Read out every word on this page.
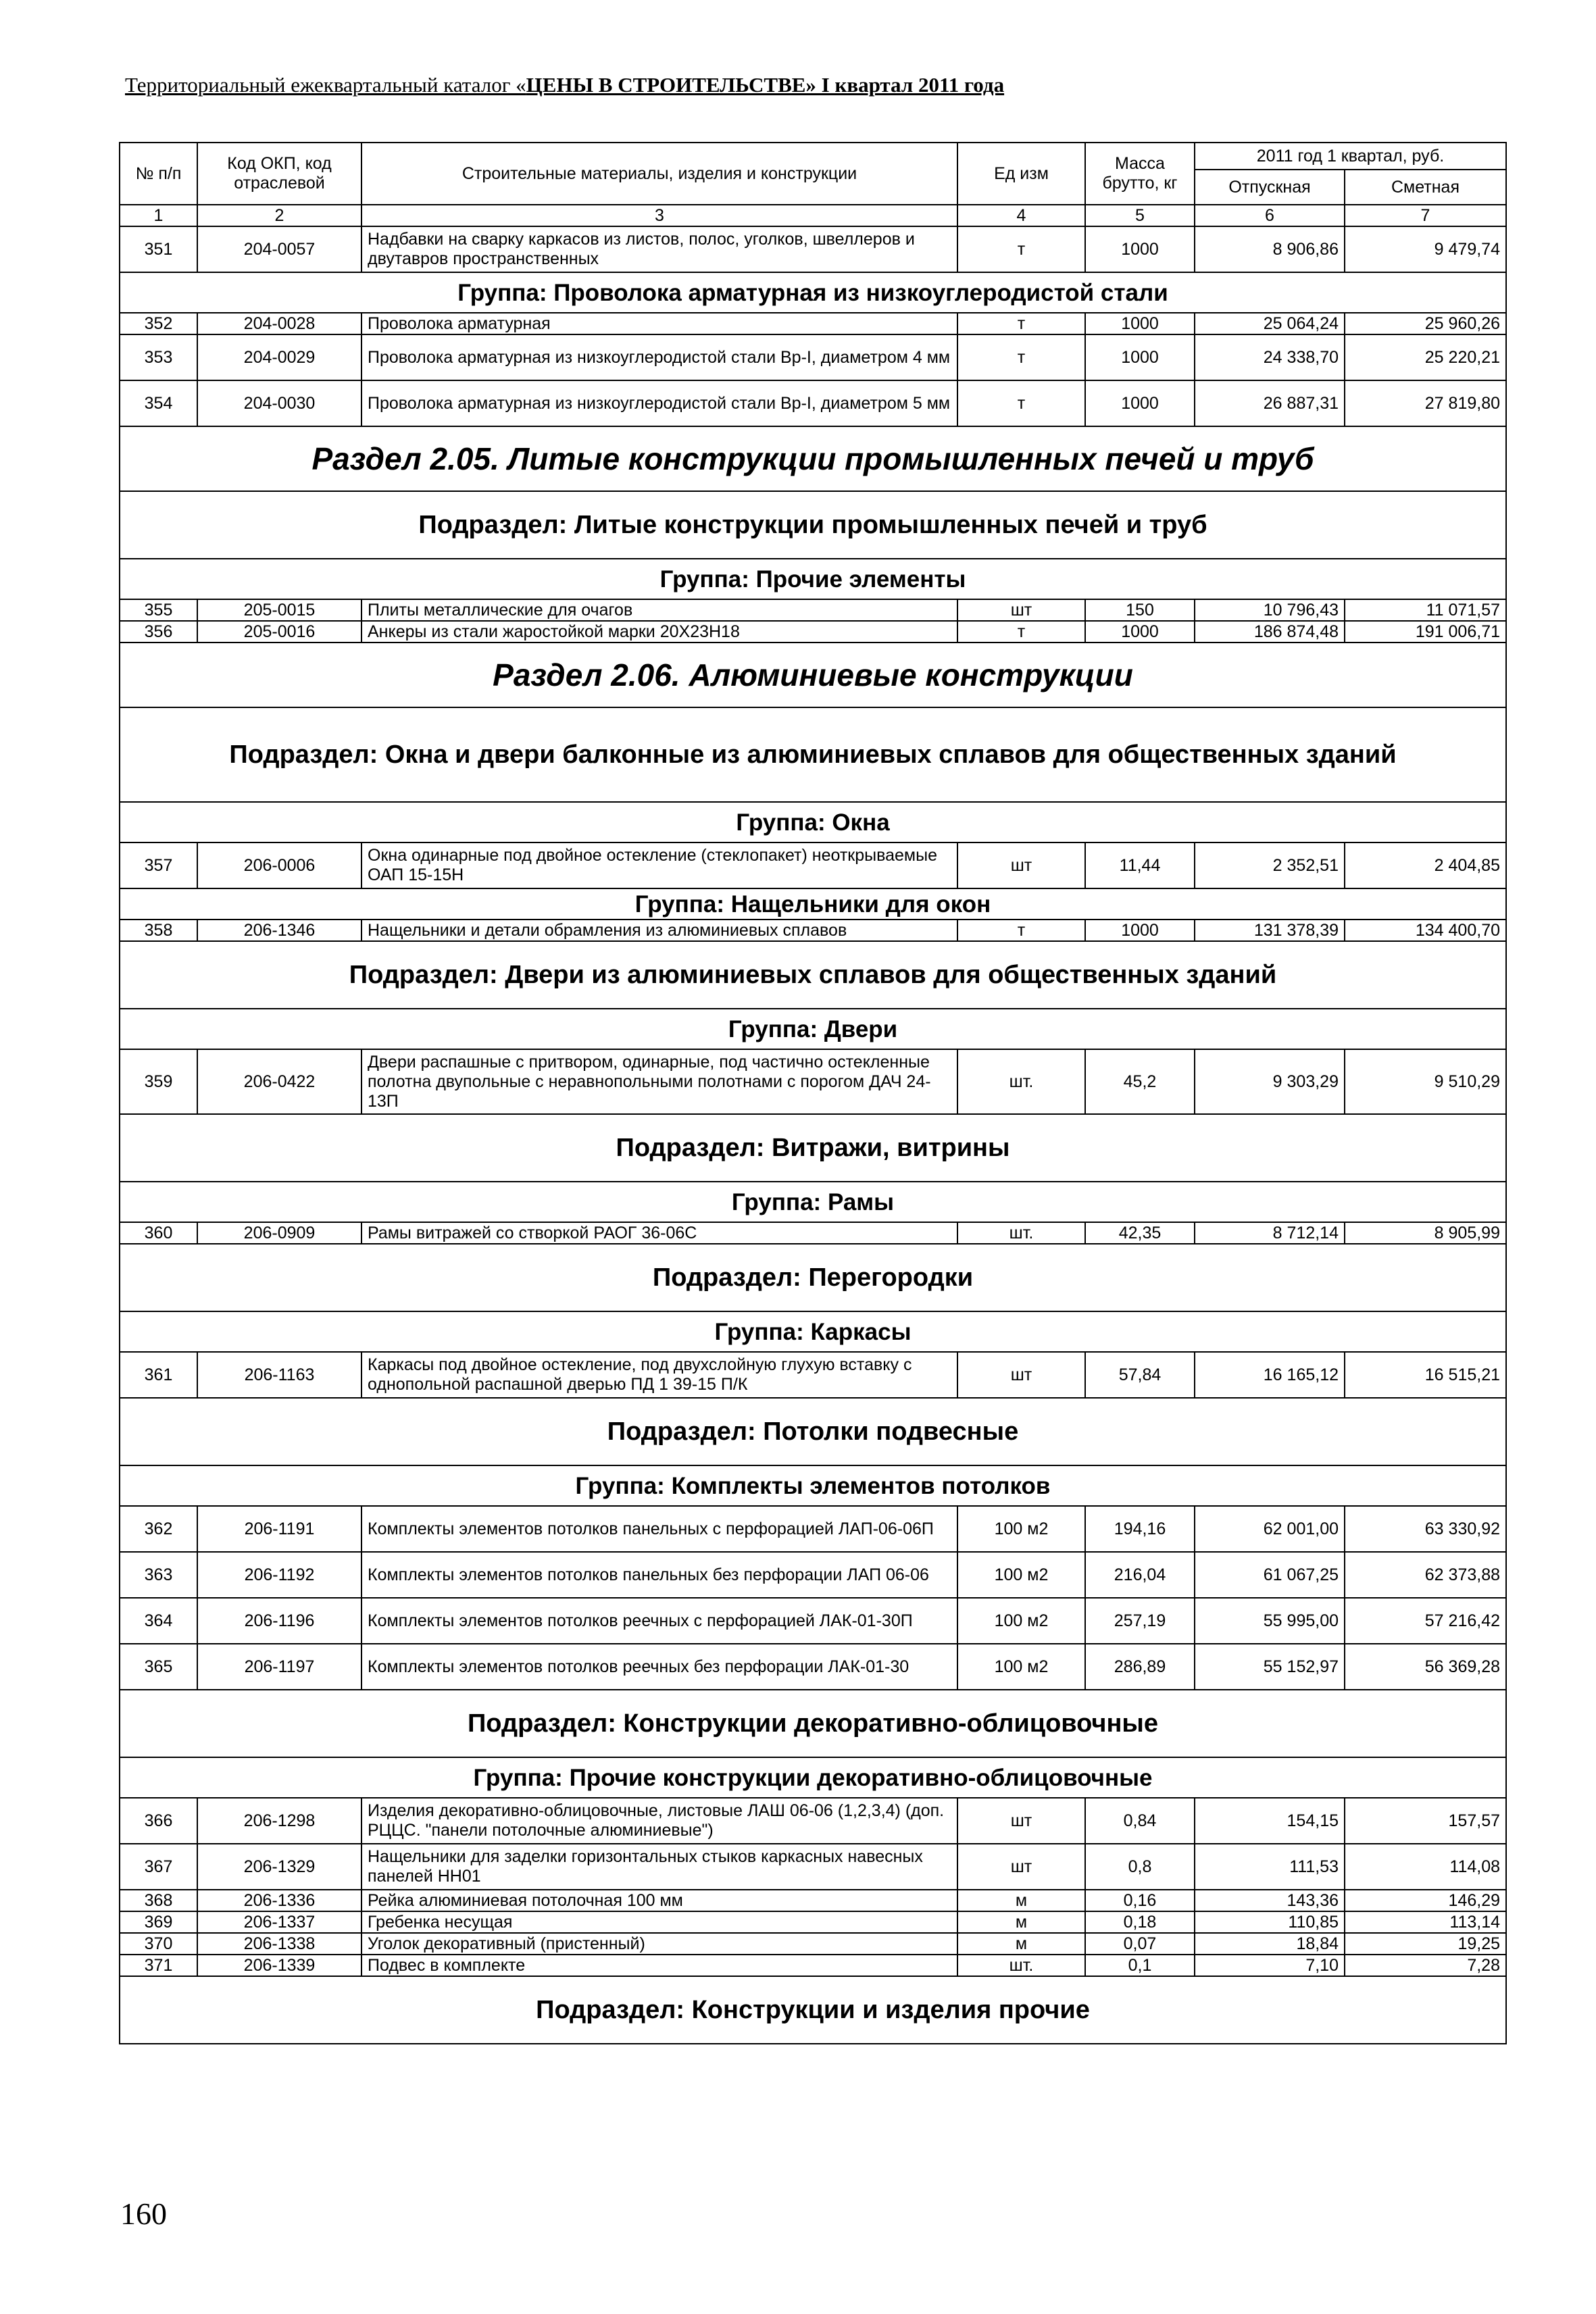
Территориальный ежеквартальный каталог «ЦЕНЫ В СТРОИТЕЛЬСТВЕ» I квартал 2011 года
№ п/п	Код ОКП, код отраслевой	Строительные материалы, изделия и конструкции	Ед изм	Масса брутто, кг	2011 год 1 квартал, руб.	
					Отпускная	Сметная
1	2	3	4	5	6	7
351	204-0057	Надбавки на сварку каркасов из листов, полос, уголков, швеллеров и двутавров пространственных	т	1000	8 906,86	9 479,74
Группа: Проволока арматурная из низкоуглеродистой стали						
352	204-0028	Проволока арматурная	т	1000	25 064,24	25 960,26
353	204-0029	Проволока арматурная из низкоуглеродистой стали Вр-I, диаметром 4 мм	т	1000	24 338,70	25 220,21
354	204-0030	Проволока арматурная из низкоуглеродистой стали Вр-I, диаметром 5 мм	т	1000	26 887,31	27 819,80
Раздел 2.05. Литые конструкции промышленных печей и труб						
Подраздел: Литые конструкции промышленных печей и труб						
Группа: Прочие элементы						
355	205-0015	Плиты металлические для очагов	шт	150	10 796,43	11 071,57
356	205-0016	Анкеры из стали жаростойкой марки 20Х23Н18	т	1000	186 874,48	191 006,71
Раздел 2.06. Алюминиевые конструкции						
Подраздел: Окна и двери балконные из алюминиевых сплавов для общественных зданий						
Группа: Окна						
357	206-0006	Окна одинарные под двойное остекление (стеклопакет) неоткрываемые ОАП 15-15Н	шт	11,44	2 352,51	2 404,85
Группа: Нащельники для окон						
358	206-1346	Нащельники и детали обрамления из алюминиевых сплавов	т	1000	131 378,39	134 400,70
Подраздел: Двери из алюминиевых сплавов для общественных зданий						
Группа: Двери						
359	206-0422	Двери распашные с притвором, одинарные, под частично остекленные полотна двупольные с неравнопольными полотнами с порогом ДАЧ 24-13П	шт.	45,2	9 303,29	9 510,29
Подраздел: Витражи, витрины						
Группа: Рамы						
360	206-0909	Рамы витражей со створкой РАОГ 36-06С	шт.	42,35	8 712,14	8 905,99
Подраздел: Перегородки						
Группа: Каркасы						
361	206-1163	Каркасы под двойное остекление, под двухслойную глухую вставку с однопольной распашной дверью ПД 1 39-15 П/К	шт	57,84	16 165,12	16 515,21
Подраздел: Потолки подвесные						
Группа: Комплекты элементов потолков						
362	206-1191	Комплекты элементов потолков панельных с перфорацией ЛАП-06-06П	100 м2	194,16	62 001,00	63 330,92
363	206-1192	Комплекты элементов потолков панельных без перфорации ЛАП 06-06	100 м2	216,04	61 067,25	62 373,88
364	206-1196	Комплекты элементов потолков реечных с перфорацией ЛАК-01-30П	100 м2	257,19	55 995,00	57 216,42
365	206-1197	Комплекты элементов потолков реечных без перфорации ЛАК-01-30	100 м2	286,89	55 152,97	56 369,28
Подраздел: Конструкции декоративно-облицовочные						
Группа: Прочие конструкции декоративно-облицовочные						
366	206-1298	Изделия декоративно-облицовочные, листовые ЛАШ 06-06 (1,2,3,4) (доп. РЦЦС. "панели потолочные алюминиевые")	шт	0,84	154,15	157,57
367	206-1329	Нащельники для заделки горизонтальных стыков каркасных навесных панелей НН01	шт	0,8	111,53	114,08
368	206-1336	Рейка алюминиевая потолочная 100 мм	м	0,16	143,36	146,29
369	206-1337	Гребенка несущая	м	0,18	110,85	113,14
370	206-1338	Уголок декоративный (пристенный)	м	0,07	18,84	19,25
371	206-1339	Подвес в комплекте	шт.	0,1	7,10	7,28
Подраздел: Конструкции и изделия прочие						
160
